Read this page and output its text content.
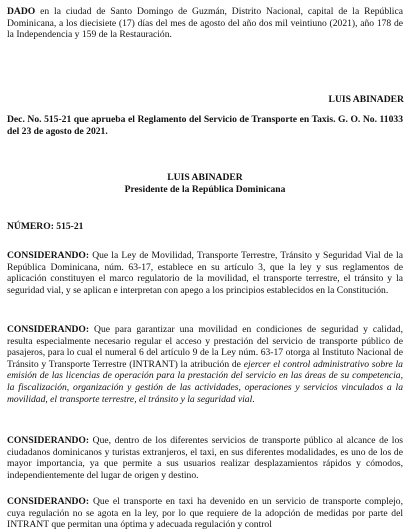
DADO en la ciudad de Santo Domingo de Guzmán, Distrito Nacional, capital de la República Dominicana, a los diecisiete (17) días del mes de agosto del año dos mil veintiuno (2021), año 178 de la Independencia y 159 de la Restauración.

LUIS ABINADER

Dec. No. 515-21 que aprueba el Reglamento del Servicio de Transporte en Taxis. G. O. No. 11033 del 23 de agosto de 2021.

LUIS ABINADER

Presidente de la República Dominicana

NÚMERO: 515-21

CONSIDERANDO: Que la Ley de Movilidad, Transporte Terrestre, Tránsito y Seguridad Vial de la República Dominicana, núm. 63-17, establece en su artículo 3, que la ley y sus reglamentos de aplicación constituyen el marco regulatorio de la movilidad, el transporte terrestre, el tránsito y la seguridad vial, y se aplican e interpretan con apego a los principios establecidos en la Constitución.

CONSIDERANDO: Que para garantizar una movilidad en condiciones de seguridad y calidad, resulta especialmente necesario regular el acceso y prestación del servicio de transporte público de pasajeros, para lo cual el numeral 6 del artículo 9 de la Ley núm. 63-17 otorga al Instituto Nacional de Tránsito y Transporte Terrestre (INTRANT) la atribución de ejercer el control administrativo sobre la emisión de las licencias de operación para la prestación del servicio en las áreas de su competencia, la fiscalización, organización y gestión de las actividades, operaciones y servicios vinculados a la movilidad, el transporte terrestre, el tránsito y la seguridad vial.

CONSIDERANDO: Que, dentro de los diferentes servicios de transporte público al alcance de los ciudadanos dominicanos y turistas extranjeros, el taxi, en sus diferentes modalidades, es uno de los de mayor importancia, ya que permite a sus usuarios realizar desplazamientos rápidos y cómodos, independientemente del lugar de origen y destino.

CONSIDERANDO: Que el transporte en taxi ha devenido en un servicio de transporte complejo, cuya regulación no se agota en la ley, por lo que requiere de la adopción de medidas por parte del INTRANT que permitan una óptima y adecuada regulación y control
